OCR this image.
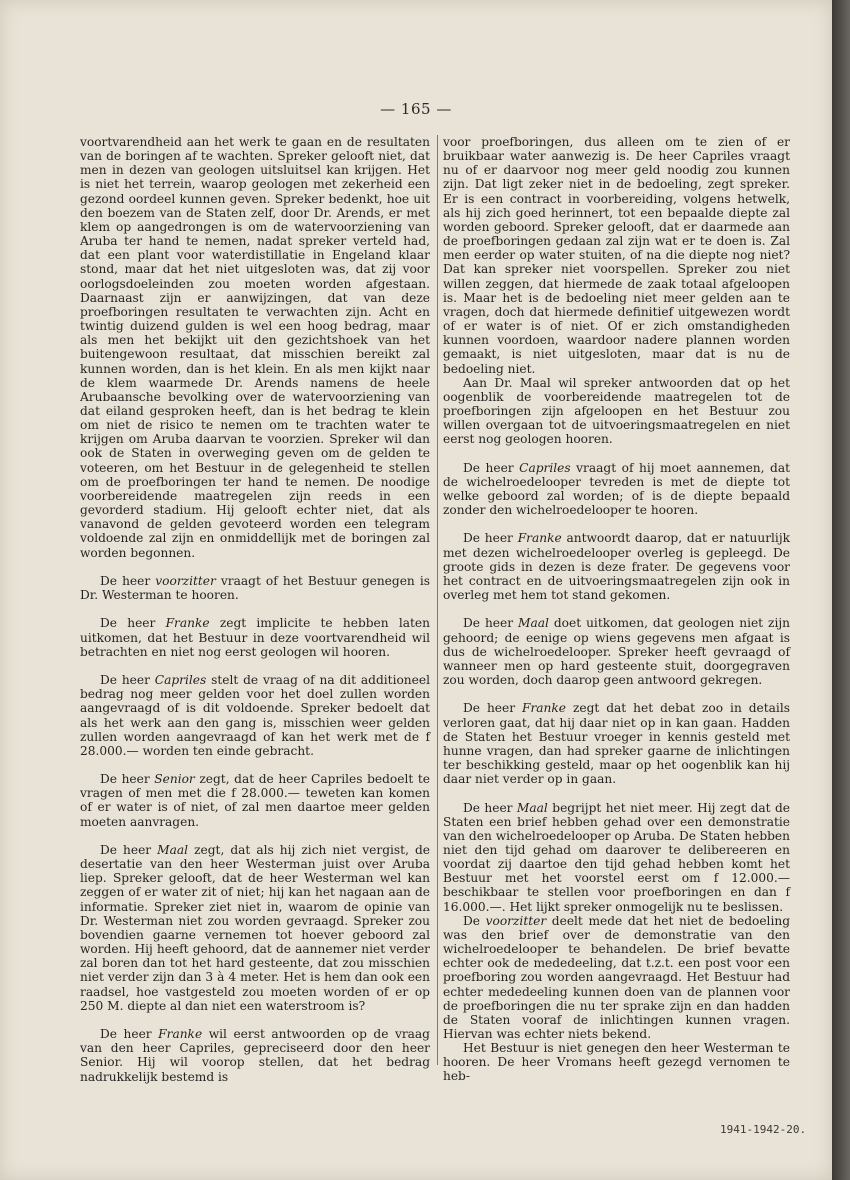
— 165 —

voortvarendheid aan het werk te gaan en de resultaten van de boringen af te wachten. Spreker gelooft niet, dat men in dezen van geologen uitsluitsel kan krijgen. Het is niet het terrein, waarop geologen met zekerheid een gezond oordeel kunnen geven. Spreker bedenkt, hoe uit den boezem van de Staten zelf, door Dr. Arends, er met klem op aangedrongen is om de watervoorziening van Aruba ter hand te nemen, nadat spreker verteld had, dat een plant voor waterdistillatie in Engeland klaar stond, maar dat het niet uitgesloten was, dat zij voor oorlogsdoeleinden zou moeten worden afgestaan. Daarnaast zijn er aanwijzingen, dat van deze proefboringen resultaten te verwachten zijn. Acht en twintig duizend gulden is wel een hoog bedrag, maar als men het bekijkt uit den gezichtshoek van het buitengewoon resultaat, dat misschien bereikt zal kunnen worden, dan is het klein. En als men kijkt naar de klem waarmede Dr. Arends namens de heele Arubaansche bevolking over de watervoorziening van dat eiland gesproken heeft, dan is het bedrag te klein om niet de risico te nemen om te trachten water te krijgen om Aruba daarvan te voorzien. Spreker wil dan ook de Staten in overweging geven om de gelden te voteeren, om het Bestuur in de gelegenheid te stellen om de proefboringen ter hand te nemen. De noodige voorbereidende maatregelen zijn reeds in een gevorderd stadium. Hij gelooft echter niet, dat als vanavond de gelden gevoteerd worden een telegram voldoende zal zijn en onmiddellijk met de boringen zal worden begonnen.

De heer voorzitter vraagt of het Bestuur genegen is Dr. Westerman te hooren.

De heer Franke zegt implicite te hebben laten uitkomen, dat het Bestuur in deze voortvarendheid wil betrachten en niet nog eerst geologen wil hooren.

De heer Capriles stelt de vraag of na dit additioneel bedrag nog meer gelden voor het doel zullen worden aangevraagd of is dit voldoende. Spreker bedoelt dat als het werk aan den gang is, misschien weer gelden zullen worden aangevraagd of kan het werk met de f 28.000.— worden ten einde gebracht.

De heer Senior zegt, dat de heer Capriles bedoelt te vragen of men met die f 28.000.— teweten kan komen of er water is of niet, of zal men daartoe meer gelden moeten aanvragen.

De heer Maal zegt, dat als hij zich niet vergist, de desertatie van den heer Westerman juist over Aruba liep. Spreker gelooft, dat de heer Westerman wel kan zeggen of er water zit of niet; hij kan het nagaan aan de informatie. Spreker ziet niet in, waarom de opinie van Dr. Westerman niet zou worden gevraagd. Spreker zou bovendien gaarne vernemen tot hoever geboord zal worden. Hij heeft gehoord, dat de aannemer niet verder zal boren dan tot het hard gesteente, dat zou misschien niet verder zijn dan 3 à 4 meter. Het is hem dan ook een raadsel, hoe vastgesteld zou moeten worden of er op 250 M. diepte al dan niet een waterstroom is?

De heer Franke wil eerst antwoorden op de vraag van den heer Capriles, gepreciseerd door den heer Senior. Hij wil voorop stellen, dat het bedrag nadrukkelijk bestemd is

voor proefboringen, dus alleen om te zien of er bruikbaar water aanwezig is. De heer Capriles vraagt nu of er daarvoor nog meer geld noodig zou kunnen zijn. Dat ligt zeker niet in de bedoeling, zegt spreker. Er is een contract in voorbereiding, volgens hetwelk, als hij zich goed herinnert, tot een bepaalde diepte zal worden geboord. Spreker gelooft, dat er daarmede aan de proefboringen gedaan zal zijn wat er te doen is. Zal men eerder op water stuiten, of na die diepte nog niet? Dat kan spreker niet voorspellen. Spreker zou niet willen zeggen, dat hiermede de zaak totaal afgeloopen is. Maar het is de bedoeling niet meer gelden aan te vragen, doch dat hiermede definitief uitgewezen wordt of er water is of niet. Of er zich omstandigheden kunnen voordoen, waardoor nadere plannen worden gemaakt, is niet uitgesloten, maar dat is nu de bedoeling niet.

Aan Dr. Maal wil spreker antwoorden dat op het oogenblik de voorbereidende maatregelen tot de proefboringen zijn afgeloopen en het Bestuur zou willen overgaan tot de uitvoeringsmaatregelen en niet eerst nog geologen hooren.

De heer Capriles vraagt of hij moet aannemen, dat de wichelroedelooper tevreden is met de diepte tot welke geboord zal worden; of is de diepte bepaald zonder den wichelroedelooper te hooren.

De heer Franke antwoordt daarop, dat er natuurlijk met dezen wichelroedelooper overleg is gepleegd. De groote gids in dezen is deze frater. De gegevens voor het contract en de uitvoeringsmaatregelen zijn ook in overleg met hem tot stand gekomen.

De heer Maal doet uitkomen, dat geologen niet zijn gehoord; de eenige op wiens gegevens men afgaat is dus de wichelroedelooper. Spreker heeft gevraagd of wanneer men op hard gesteente stuit, doorgegraven zou worden, doch daarop geen antwoord gekregen.

De heer Franke zegt dat het debat zoo in details verloren gaat, dat hij daar niet op in kan gaan. Hadden de Staten het Bestuur vroeger in kennis gesteld met hunne vragen, dan had spreker gaarne de inlichtingen ter beschikking gesteld, maar op het oogenblik kan hij daar niet verder op in gaan.

De heer Maal begrijpt het niet meer. Hij zegt dat de Staten een brief hebben gehad over een demonstratie van den wichelroedelooper op Aruba. De Staten hebben niet den tijd gehad om daarover te delibereeren en voordat zij daartoe den tijd gehad hebben komt het Bestuur met het voorstel eerst om f 12.000.— beschikbaar te stellen voor proefboringen en dan f 16.000.—. Het lijkt spreker onmogelijk nu te beslissen.

De voorzitter deelt mede dat het niet de bedoeling was den brief over de demonstratie van den wichelroedelooper te behandelen. De brief bevatte echter ook de mededeeling, dat t.z.t. een post voor een proefboring zou worden aangevraagd. Het Bestuur had echter mededeeling kunnen doen van de plannen voor de proefboringen die nu ter sprake zijn en dan hadden de Staten vooraf de inlichtingen kunnen vragen. Hiervan was echter niets bekend.

Het Bestuur is niet genegen den heer Westerman te hooren. De heer Vromans heeft gezegd vernomen te heb-

1941-1942-20.
